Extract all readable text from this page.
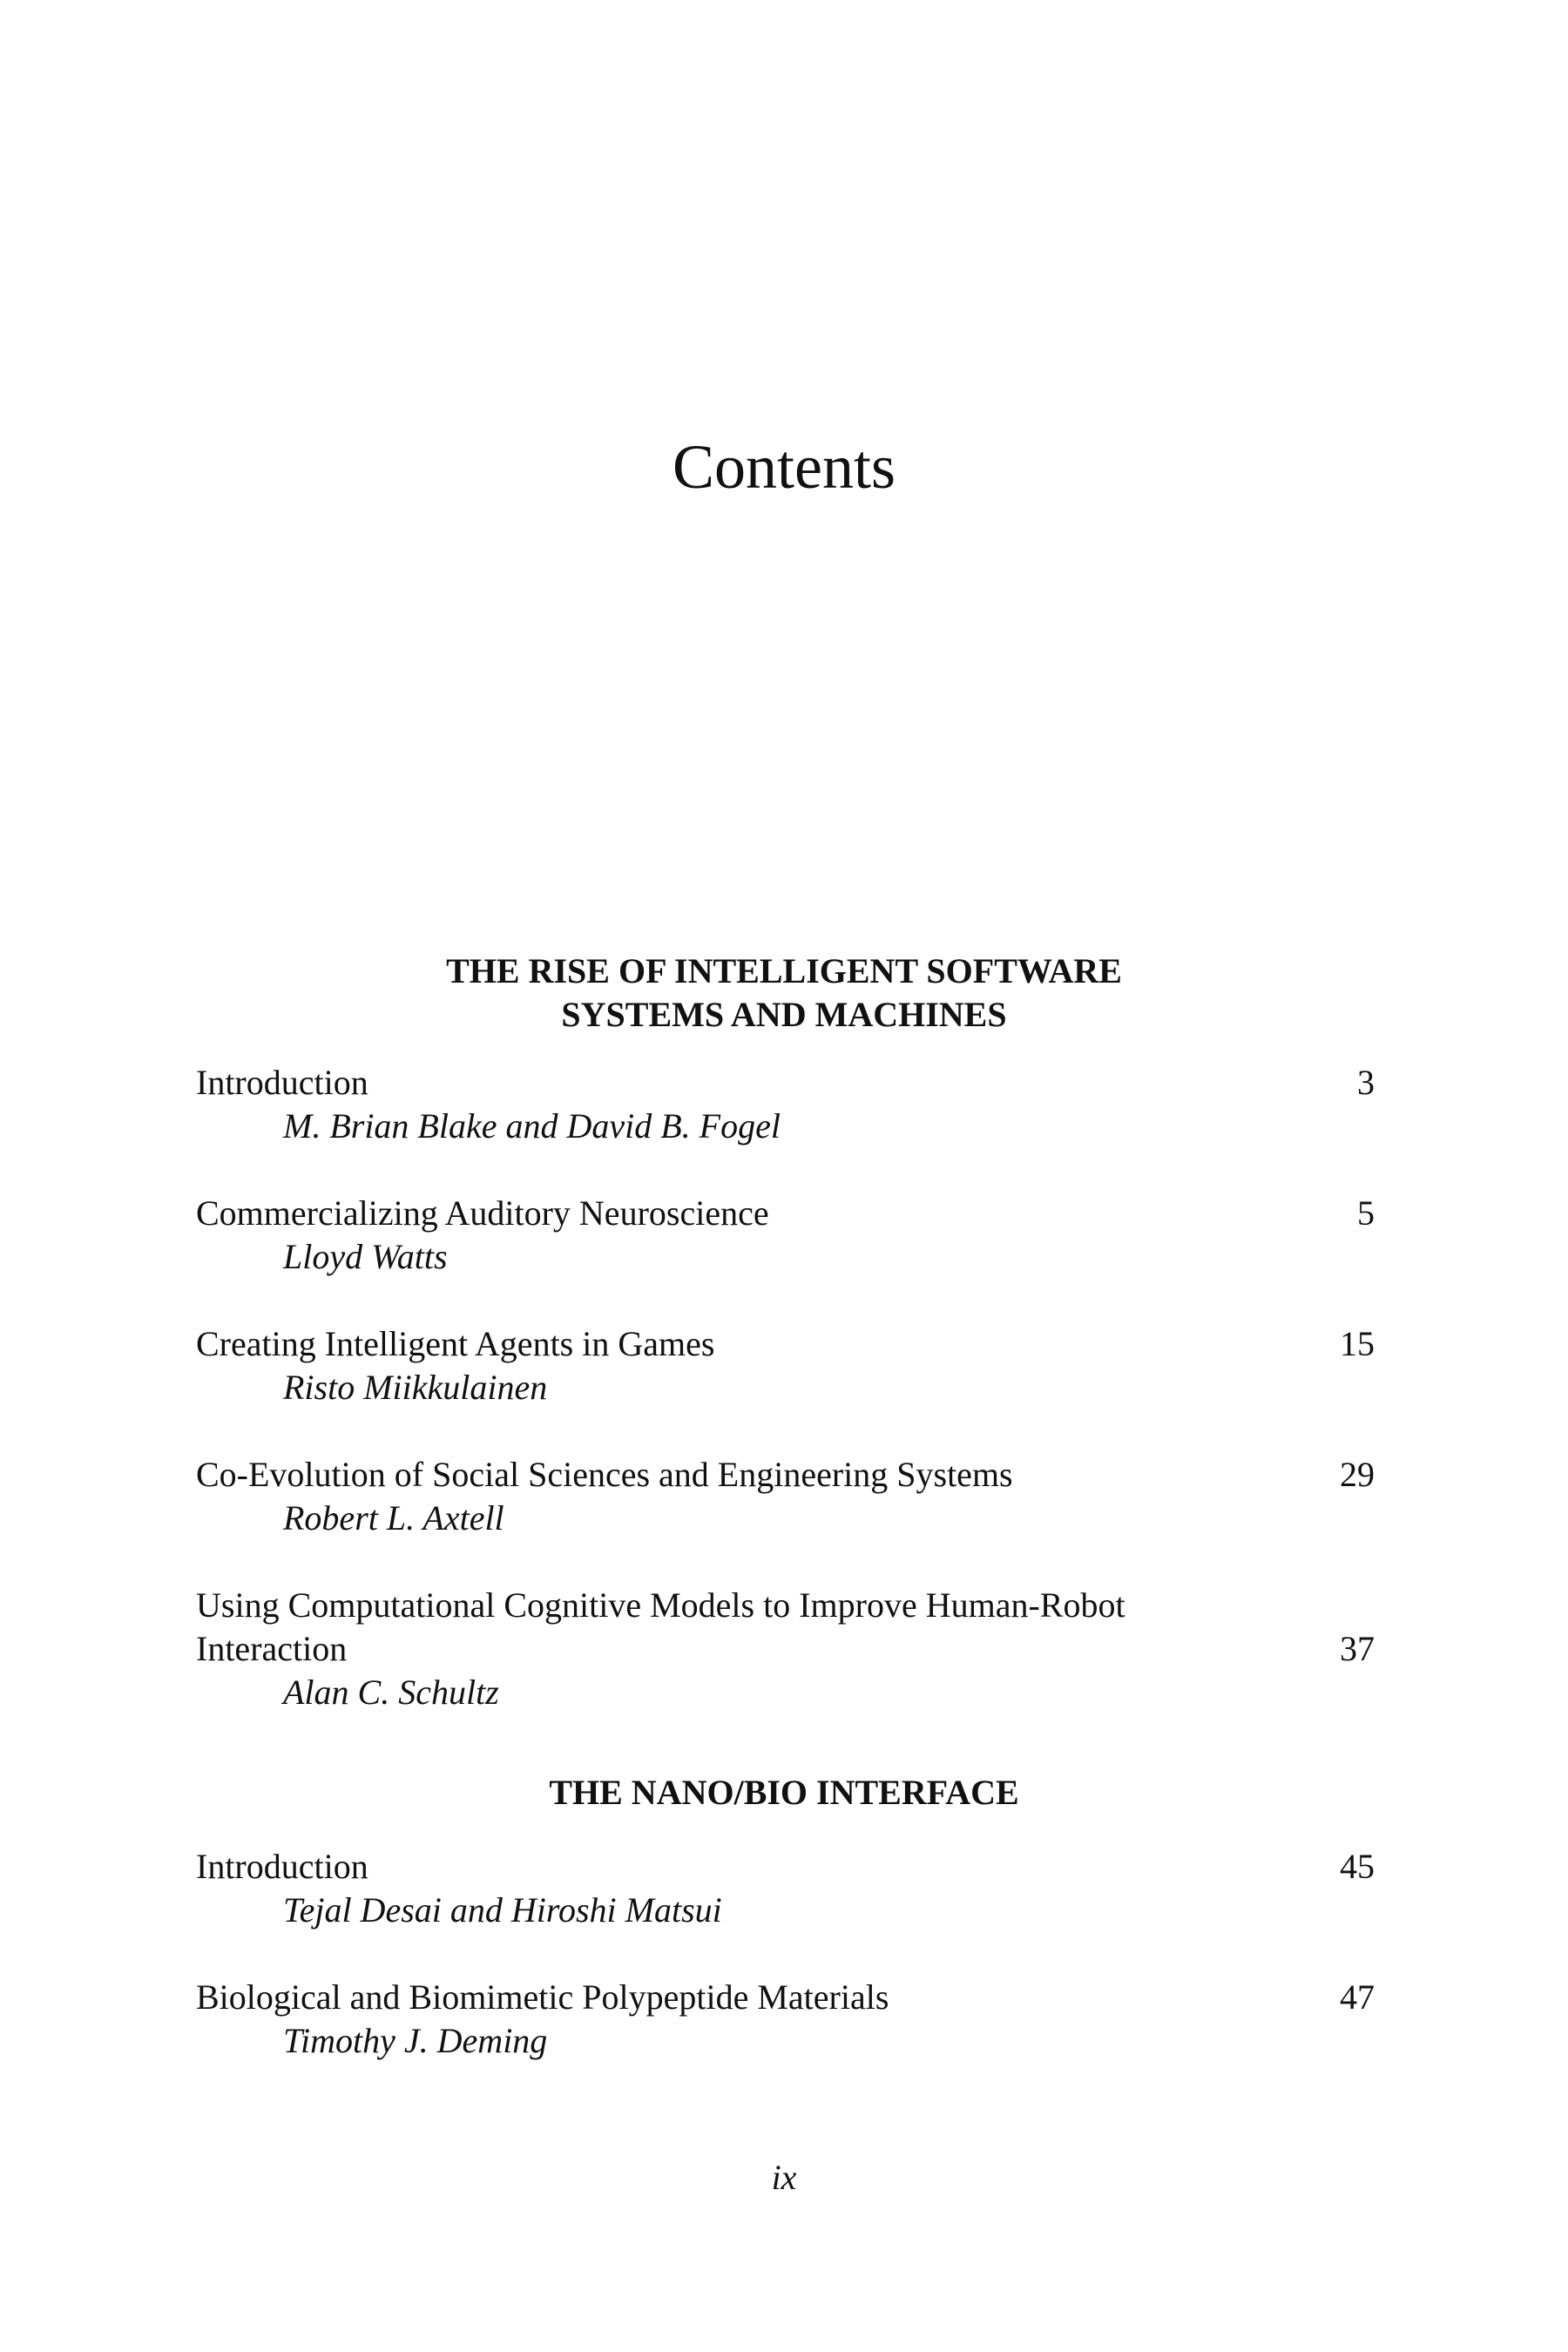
Contents
THE RISE OF INTELLIGENT SOFTWARE
SYSTEMS AND MACHINES
Introduction	3
M. Brian Blake and David B. Fogel
Commercializing Auditory Neuroscience	5
Lloyd Watts
Creating Intelligent Agents in Games	15
Risto Miikkulainen
Co-Evolution of Social Sciences and Engineering Systems	29
Robert L. Axtell
Using Computational Cognitive Models to Improve Human-Robot
Interaction	37
Alan C. Schultz
THE NANO/BIO INTERFACE
Introduction	45
Tejal Desai and Hiroshi Matsui
Biological and Biomimetic Polypeptide Materials	47
Timothy J. Deming
ix
